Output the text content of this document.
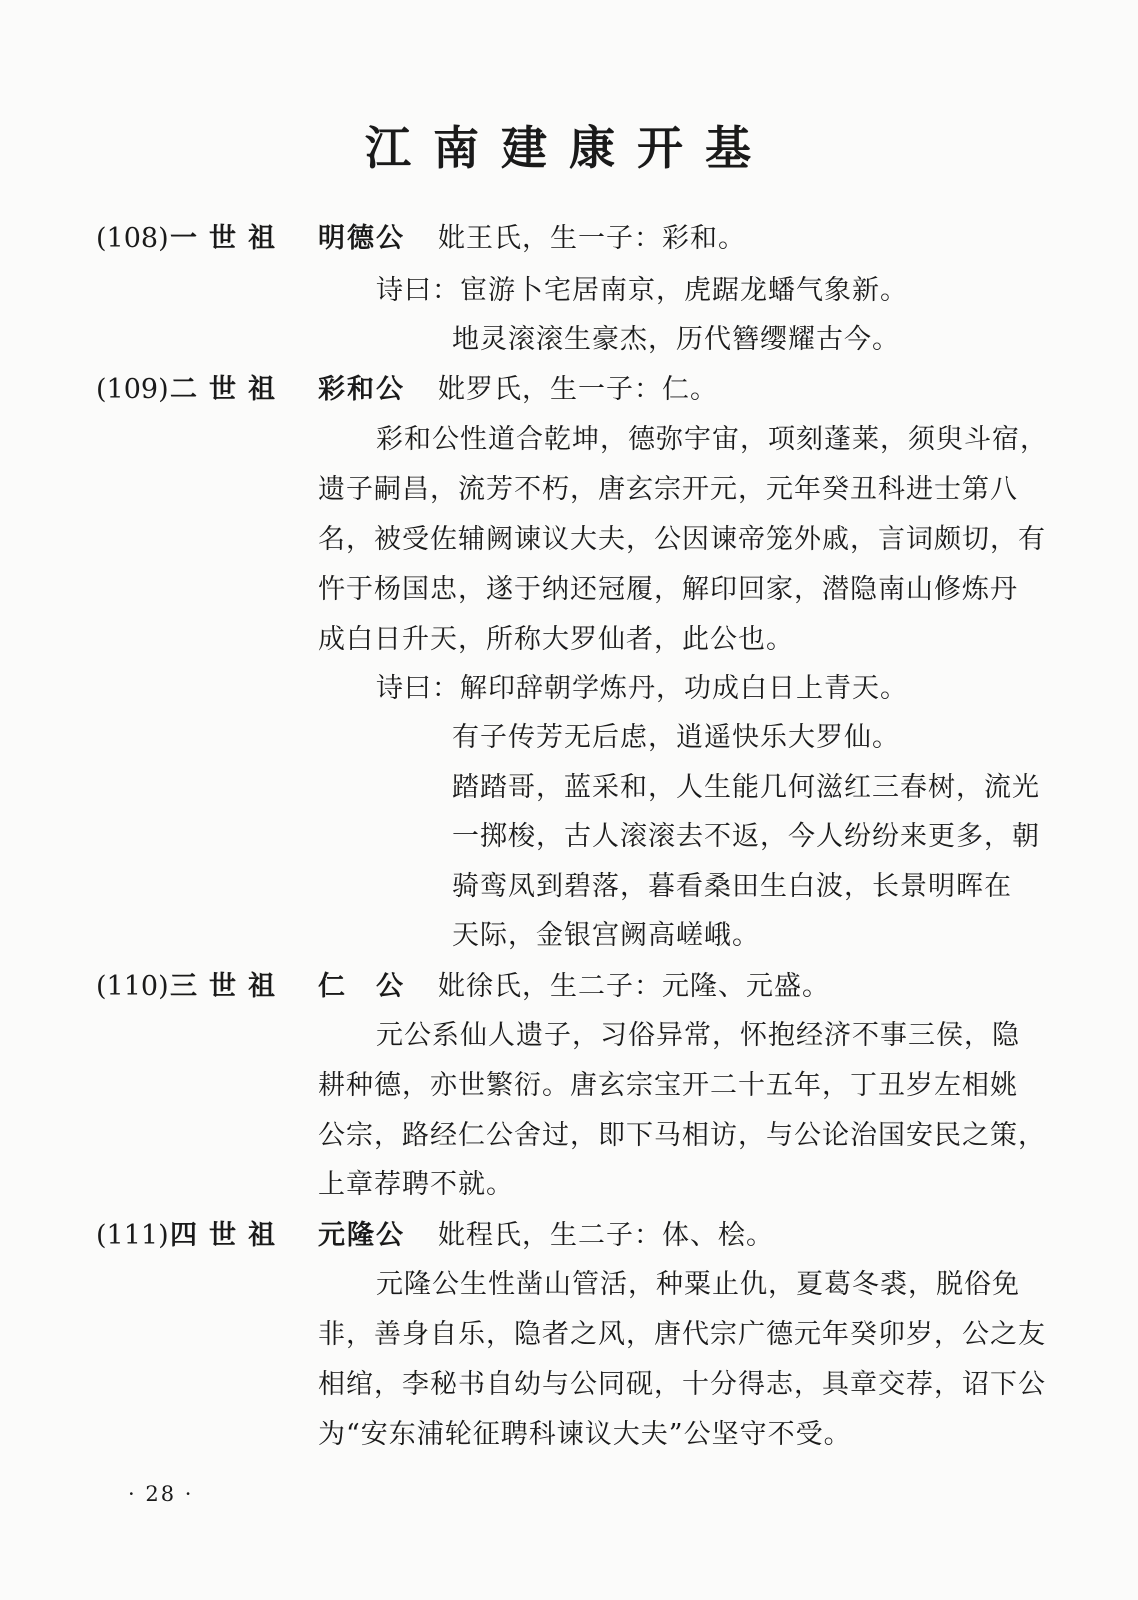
江南建康开基
(108) 一世祖 明德公 妣王氏，生一子：彩和。
诗曰：宦游卜宅居南京，虎踞龙蟠气象新。
地灵滚滚生豪杰，历代簪缨耀古今。
(109) 二世祖 彩和公 妣罗氏，生一子：仁。
彩和公性道合乾坤，德弥宇宙，项刻蓬莱，须臾斗宿，
遗子嗣昌，流芳不朽，唐玄宗开元，元年癸丑科进士第八
名，被受佐辅阙谏议大夫，公因谏帝笼外戚，言词颇切，有
忤于杨国忠，遂于纳还冠履，解印回家，潜隐南山修炼丹
成白日升天，所称大罗仙者，此公也。
诗曰：解印辞朝学炼丹，功成白日上青天。
有子传芳无后虑，逍遥快乐大罗仙。
踏踏哥，蓝采和，人生能几何滋红三春树，流光
一掷梭，古人滚滚去不返，今人纷纷来更多，朝
骑鸾凤到碧落，暮看桑田生白波，长景明晖在
天际，金银宫阙高嵯峨。
(110) 三世祖 仁　公 妣徐氏，生二子：元隆、元盛。
元公系仙人遗子，习俗异常，怀抱经济不事三侯，隐
耕种德，亦世繁衍。唐玄宗宝开二十五年，丁丑岁左相姚
公宗，路经仁公舍过，即下马相访，与公论治国安民之策，
上章荐聘不就。
(111) 四世祖 元隆公 妣程氏，生二子：体、桧。
元隆公生性凿山管活，种粟止仇，夏葛冬裘，脱俗免
非，善身自乐，隐者之风，唐代宗广德元年癸卯岁，公之友
相绾，李秘书自幼与公同砚，十分得志，具章交荐，诏下公
为“安东浦轮征聘科谏议大夫”公坚守不受。
· 28 ·
